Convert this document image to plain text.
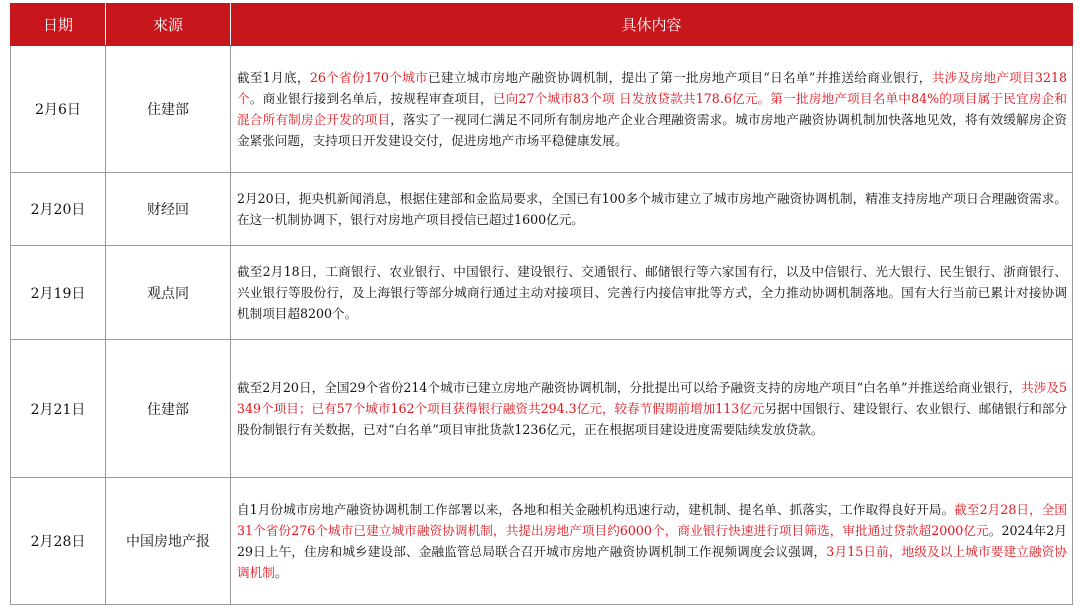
日期	來源	具休内容
2月6日	住建部	截至1月底，26个省份170个城市已建立城市房地产融资协调机制，提出了第一批房地产项目“日名单”并推送给商业银行，共涉及房地产项目3218个。商业银行接到名单后，按规程审查项目，已向27个城市83个项 日发放贷款共178.6亿元。第一批房地产项目名单中84%的项目属于民宜房企和混合所有制房企开发的项目，落实了一视同仁满足不同所有制房地产企业合理融资需求。城市房地产融资协调机制加快落地见效，将有效缓解房企资金紧张问题，支持项日开发建设交付，促进房地产市场平稳健康发展。
2月20日	财经回	2月20日，扼央机新闻消息，根据住建部和金监局要求，全国已有100多个城市建立了城市房地产融资协调机制，精准支持房地产项日合理融资需求。在这一机制协调下，银行对房地产项目授信已超过1600亿元。
2月19日	观点同	截至2月18日，工商银行、农业银行、中国银行、建设银行、交通银行、邮储银行等六家国有行，以及中信银行、光大银行、民生银行、浙商银行、兴业银行等股份行，及上海银行等部分城商行通过主动对接项目、完善行内接信审批等方式，全力推动协调机制落地。国有大行当前已累计对接协调机制项目超8200个。
2月21日	住建部	截至2月20日，全国29个省份214个城市已建立房地产融资协调机制，分批提出可以给予融资支持的房地产项目“白名单”并推送给商业银行，共涉及5349个项目；已有57个城市162个项目获得银行融资共294.3亿元，较春节假期前增加113亿元另据中国银行、建设银行、农业银行、邮储银行和部分股份制银行有关数据，已对“白名单”项目审批货款1236亿元，正在根据项目建设进度需要陆续发放贷款。
2月28日	中国房地产报	自1月份城市房地产融资协调机制工作部署以来，各地和相关金融机构迅速行动，建机制、提名单、抓落实，工作取得良好开局。截至2月28日，全国31个省份276个城市已建立城市融资协调机制，共提出房地产项目约6000个，商业银行快速进行项目筛选，审批通过贷款超2000亿元。2024年2月29日上午，住房和城乡建设部、金融监管总局联合召开城市房地产融资协调机制工作视频调度会议强调，3月15日前，地级及以上城市要建立融资协调机制。
